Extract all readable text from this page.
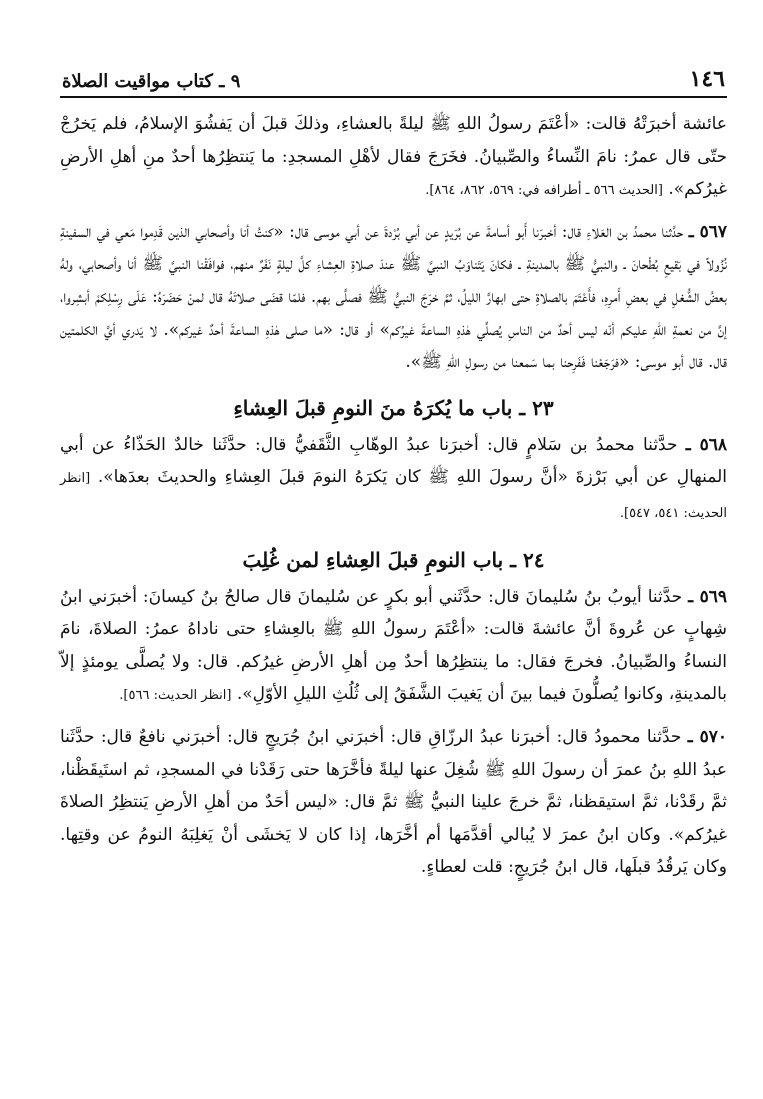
١٤٦
٩ ـ كتاب مواقيت الصلاة

عائشة أخبرَتْهُ قالت: «أعْتَمَ رسولُ اللهِ ﷺ ليلةً بالعشاءِ، وذلكَ قبلَ أن يَفشُوَ الإسلامُ، فلم يَخرُجْ حتّى قال عمرُ: نامَ النِّساءُ والصِّبيانُ. فخَرَجَ فقال لأهْلِ المسجدِ: ما يَنتظِرُها أحدٌ منِ أهلِ الأرضِ غيرُكم». [الحديث ٥٦٦ ـ أطرافه في: ٥٦٩، ٨٦٢، ٨٦٤].

٥٦٧ ـ حدَّثنا محمدُ بن العَلاءِ قال: أخبرَنا أَبو أسامةَ عن بُرَيدٍ عن أبي بُرْدةَ عن أبي موسى قال: «كنتُ أنا وأصحابي الذين قَدِموا مَعي في السفينةِ نُزُولاً في بَقيعِ بُطْحانَ ـ والنبيُّ ﷺ بالمدينةِ ـ فكانَ يَتَناوَبُ النبيَّ ﷺ عندَ صلاةِ العِشاءِ كلَّ ليلةٍ نَفَرٌ منهم، فوافَقْنا النبيَّ ﷺ أنا وأصحابي، ولهُ بعضُ الشُّغلِ في بعضِ أَمرِهِ، فأَعْتَمَ بالصلاةِ حتى ابهارَّ الليلُ، ثمَّ خرَجَ النبيُّ ﷺ فصلَّى بهم. فلمّا قضَى صلاتَهُ قال لمنْ حَضَرَهُ: عَلَى رِسْلِكمْ أبشِروا، إنَّ من نعمةِ اللهِ عليكم أنّه ليس أحدٌ من الناسِ يُصلِّي هٰذهِ الساعةَ غيرُكم» أو قال: «ما صلى هٰذهِ الساعةَ أحدٌ غيركم». لا يَدري أيَّ الكلمتين قال. قال أبو موسى: «فرَجَعْنا فَفَرِحنا بما سَمعنا من رسولِ اللهِ ﷺ».

٢٣ ـ باب ما يُكرَهُ منَ النومِ قبلَ العِشاءِ

٥٦٨ ـ حدَّثنا محمدُ بن سَلامٍ قال: أخبرَنا عبدُ الوهّابِ الثَّقَفيُّ قال: حدَّثَنا خالدٌ الحَذّاءُ عن أبي المنهالِ عن أبي بَرْزةَ «أنَّ رسولَ اللهِ ﷺ كان يَكرَهُ النومَ قبلَ العِشاءِ والحديثَ بعدَها». [انظر الحديث: ٥٤١، ٥٤٧].

٢٤ ـ باب النومِ قبلَ العِشاءِ لمن غُلِبَ

٥٦٩ ـ حدَّثنا أيوبُ بنُ سُليمانَ قال: حدَّثَني أبو بكرٍ عن سُليمانَ قال صالحُ بنُ كيسانَ: أخبرَني ابنُ شِهابٍ عن عُروةَ أنَّ عائشةَ قالت: «أعْتَمَ رسولُ اللهِ ﷺ بالعِشاءِ حتى ناداهُ عمرُ: الصلاةَ، نامَ النساءُ والصِّبيانُ. فخرجَ فقال: ما ينتظِرُها أحدٌ مِن أهلِ الأرضِ غيرُكم. قال: ولا يُصلَّى يومئذٍ إلاّ بالمدينةِ، وكانوا يُصلُّونَ فيما بينَ أن يَغيبَ الشَّفَقُ إلى ثُلُثِ الليلِ الأوّلِ». [انظر الحديث: ٥٦٦].

٥٧٠ ـ حدَّثنا محمودُ قال: أخبرَنا عبدُ الرزّاقِ قال: أخبرَني ابنُ جُرَيجٍ قال: أخبرَني نافعٌ قال: حدَّثَنا عبدُ اللهِ بنُ عمرَ أن رسولَ اللهِ ﷺ شُغِلَ عنها ليلةً فأخَّرَها حتى رَقَدْنا في المسجدِ، ثم استَيقَظْنا، ثمَّ رقَدْنا، ثمَّ استيقظنا، ثمَّ خرجَ علينا النبيُّ ﷺ ثمَّ قال: «ليس أحَدٌ من أهلِ الأرضِ يَنتظِرُ الصلاةَ غيرُكم». وكان ابنُ عمرَ لا يُبالي أقدَّمَها أم أخَّرَها، إذا كان لا يَخشَى أنْ يَغلِبَهُ النومُ عن وقتِها. وكان يَرقُدُ قبلَها، قال ابنُ جُرَيجٍ: قلت لعطاءٍ.
